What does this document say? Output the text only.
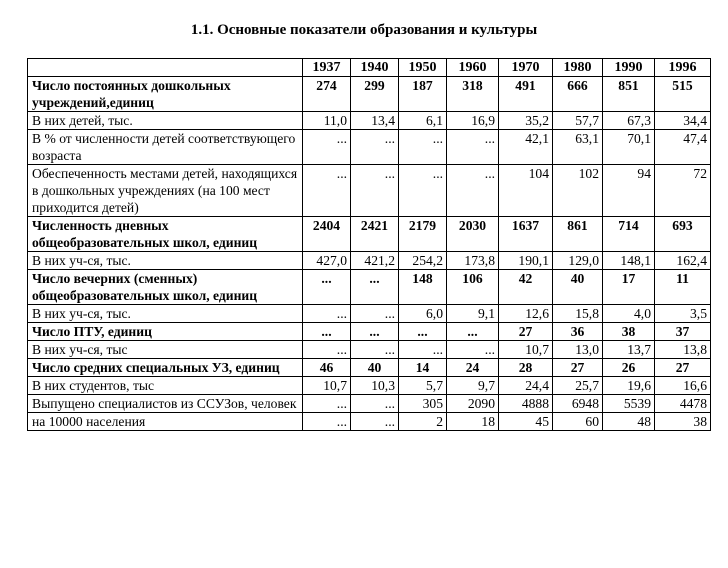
1.1. Основные показатели образования и культуры
	1937	1940	1950	1960	1970	1980	1990	1996
Число постоянных дошкольных учреждений,единиц	274	299	187	318	491	666	851	515
В них детей, тыс.	11,0	13,4	6,1	16,9	35,2	57,7	67,3	34,4
В % от численности детей соответствующего возраста	...	...	...	...	42,1	63,1	70,1	47,4
Обеспеченность местами детей, находящихся в дошкольных учреждениях (на 100 мест приходится детей)	...	...	...	...	104	102	94	72
Численность дневных общеобразовательных школ, единиц	2404	2421	2179	2030	1637	861	714	693
В них уч-ся, тыс.	427,0	421,2	254,2	173,8	190,1	129,0	148,1	162,4
Число вечерних (сменных) общеобразовательных школ, единиц	...	...	148	106	42	40	17	11
В них уч-ся, тыс.	...	...	6,0	9,1	12,6	15,8	4,0	3,5
Число ПТУ, единиц	...	...	...	...	27	36	38	37
В них уч-ся, тыс	...	...	...	...	10,7	13,0	13,7	13,8
Число средних специальных УЗ, единиц	46	40	14	24	28	27	26	27
В них студентов, тыс	10,7	10,3	5,7	9,7	24,4	25,7	19,6	16,6
Выпущено специалистов из ССУЗов, человек	...	...	305	2090	4888	6948	5539	4478
на 10000 населения	...	...	2	18	45	60	48	38
